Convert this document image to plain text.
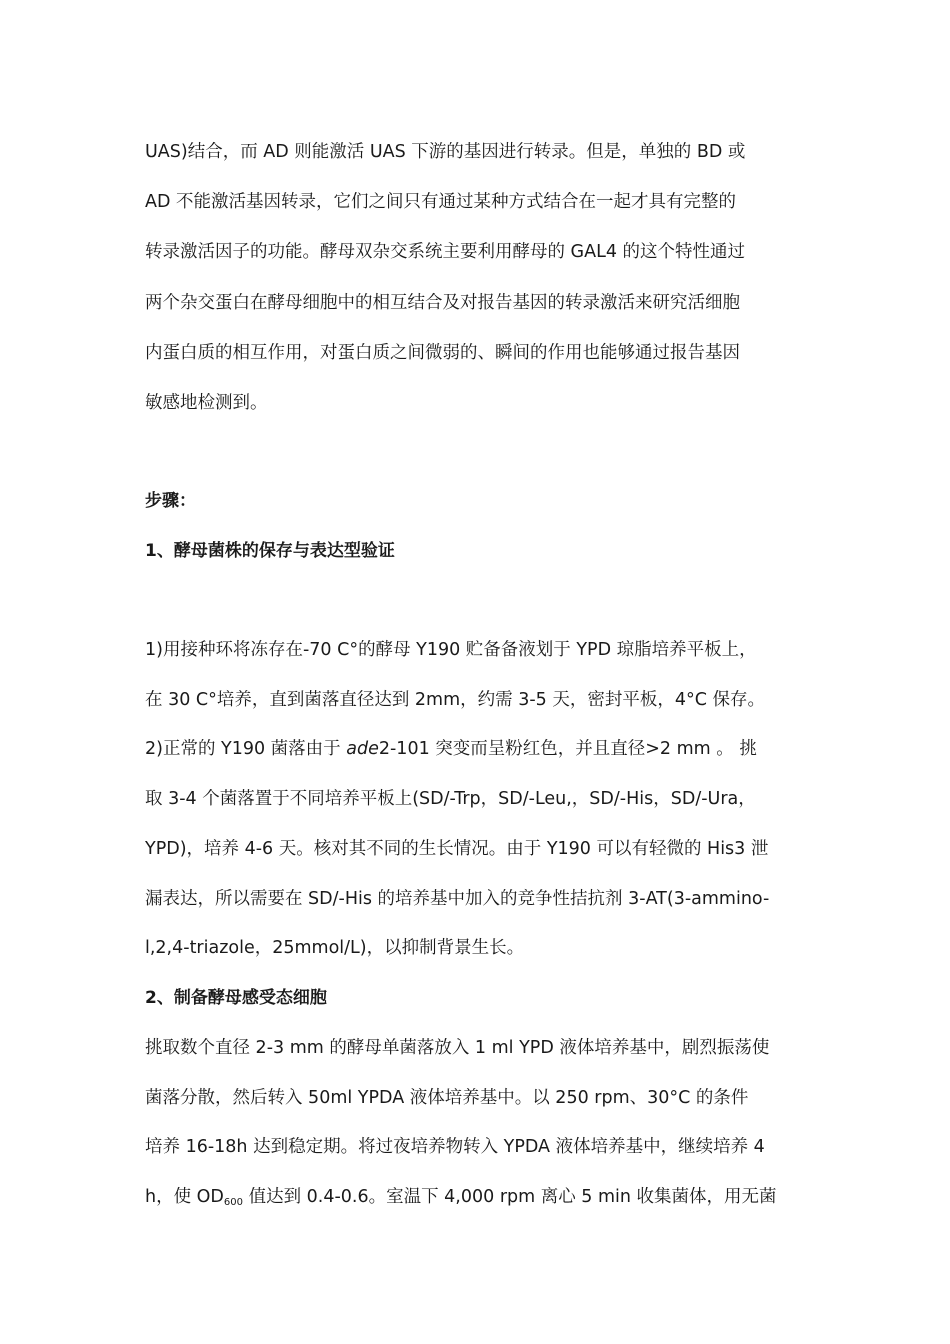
UAS)结合，而 AD 则能激活 UAS 下游的基因进行转录。但是，单独的 BD 或
AD 不能激活基因转录，它们之间只有通过某种方式结合在一起才具有完整的
转录激活因子的功能。酵母双杂交系统主要利用酵母的 GAL4 的这个特性通过
两个杂交蛋白在酵母细胞中的相互结合及对报告基因的转录激活来研究活细胞
内蛋白质的相互作用，对蛋白质之间微弱的、瞬间的作用也能够通过报告基因
敏感地检测到。
步骤：
1、酵母菌株的保存与表达型验证
1)用接种环将冻存在-70 C°的酵母 Y190 贮备备液划于 YPD 琼脂培养平板上，
在 30 C°培养，直到菌落直径达到 2mm，约需 3-5 天，密封平板，4°C 保存。
2)正常的 Y190 菌落由于 ade2-101 突变而呈粉红色，并且直径>2 mm 。 挑
取 3-4 个菌落置于不同培养平板上(SD/-Trp，SD/-Leu,，SD/-His，SD/-Ura，
YPD)，培养 4-6 天。核对其不同的生长情况。由于 Y190 可以有轻微的 His3 泄
漏表达，所以需要在 SD/-His 的培养基中加入的竞争性拮抗剂 3-AT(3-ammino-
l,2,4-triazole，25mmol/L)，以抑制背景生长。
2、制备酵母感受态细胞
挑取数个直径 2-3 mm 的酵母单菌落放入 1 ml YPD 液体培养基中，剧烈振荡使
菌落分散，然后转入 50ml YPDA 液体培养基中。以 250 rpm、30°C 的条件
培养 16-18h 达到稳定期。将过夜培养物转入 YPDA 液体培养基中，继续培养 4
h，使 $OD_{600}$ 值达到 0.4-0.6。室温下 4,000 rpm 离心 5 min 收集菌体，用无菌
